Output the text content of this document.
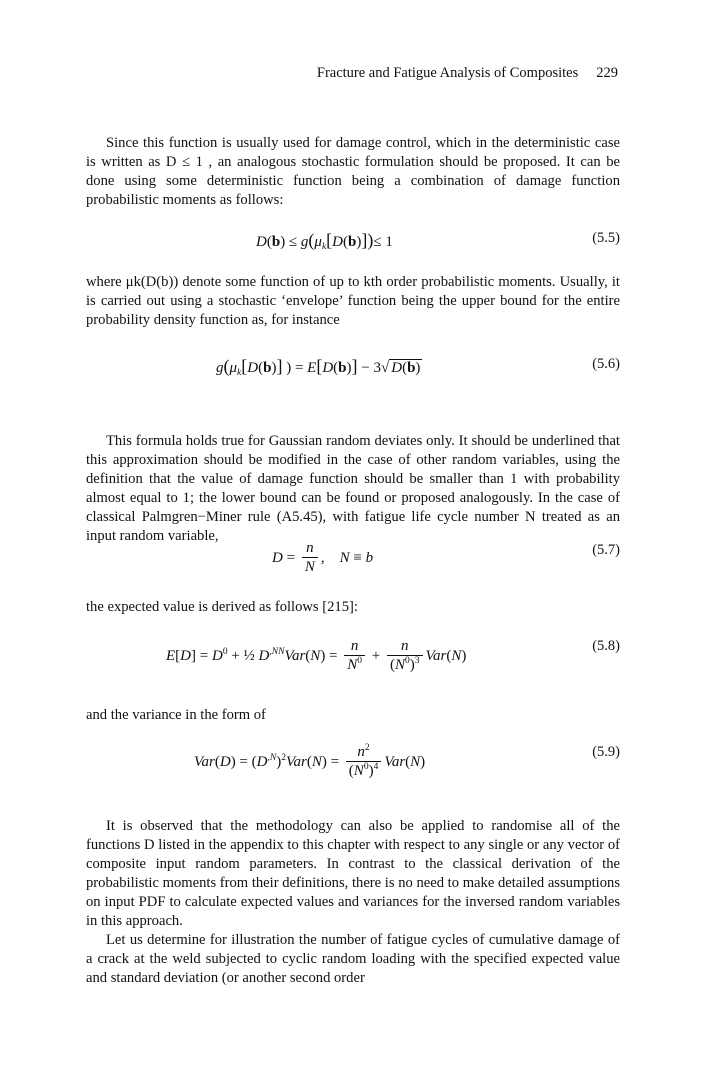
Fracture and Fatigue Analysis of Composites 229

Since this function is usually used for damage control, which in the deterministic case is written as D ≤ 1 , an analogous stochastic formulation should be proposed. It can be done using some deterministic function being a combination of damage function probabilistic moments as follows:

$D(b) \le g(\mu_k[D(b)])\le 1$	(5.5)

where μk(D(b)) denote some function of up to kth order probabilistic moments. Usually, it is carried out using a stochastic ‘envelope’ function being the upper bound for the entire probability density function as, for instance

$g(\mu_k[D(b)]$ ) = E[D(b)] − 3√ D(b)	(5.6)

This formula holds true for Gaussian random deviates only. It should be underlined that this approximation should be modified in the case of other random variables, using the definition that the value of damage function should be smaller than 1 with probability almost equal to 1; the lower bound can be found or proposed analogously. In the case of classical Palmgren−Miner rule (A5.45), with fatigue life cycle number N treated as an input random variable,

$D = \frac{n}{N}$ ,    N ≡ b	(5.7)

the expected value is derived as follows [215]:

$E[D] = D^0$ + ½ $D^{,NN}Var(N) = \frac{n}{N^0} + \frac{n}{(N^0)^3} Var(N)$
(5.8)

and the variance in the form of

$Var(D) = (D^{,N})^2Var(N) = \frac{n^2}{(N^0)^4} Var(N)$
(5.9)

It is observed that the methodology can also be applied to randomise all of the functions D listed in the appendix to this chapter with respect to any single or any vector of composite input random parameters. In contrast to the classical derivation of the probabilistic moments from their definitions, there is no need to make detailed assumptions on input PDF to calculate expected values and variances for the inversed random variables in this approach.

Let us determine for illustration the number of fatigue cycles of cumulative damage of a crack at the weld subjected to cyclic random loading with the specified expected value and standard deviation (or another second order
